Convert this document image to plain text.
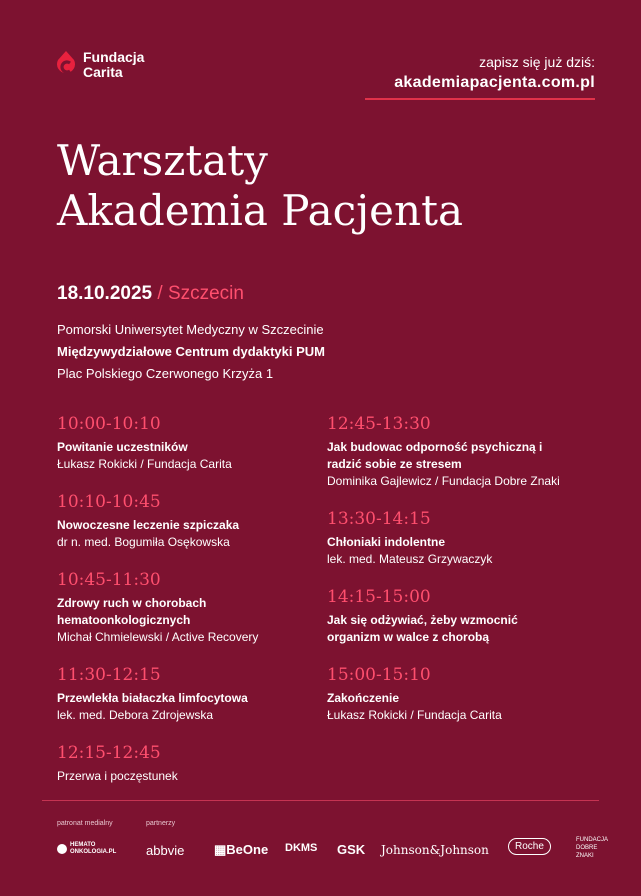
Fundacja
Carita
zapisz się już dziś:
akademiapacjenta.com.pl
Warsztaty
Akademia Pacjenta
18.10.2025 / Szczecin
Pomorski Uniwersytet Medyczny w Szczecinie
Międzywydziałowe Centrum dydaktyki PUM
Plac Polskiego Czerwonego Krzyża 1
10:00-10:10
Powitanie uczestników
Łukasz Rokicki / Fundacja Carita
10:10-10:45
Nowoczesne leczenie szpiczaka
dr n. med. Bogumiła Osękowska
10:45-11:30
Zdrowy ruch w chorobach hematoonkologicznych
Michał Chmielewski / Active Recovery
11:30-12:15
Przewlekła białaczka limfocytowa
lek. med. Debora Zdrojewska
12:15-12:45
Przerwa i poczęstunek
12:45-13:30
Jak budowac odporność psychiczną i radzić sobie ze stresem
Dominika Gajlewicz / Fundacja Dobre Znaki
13:30-14:15
Chłoniaki indolentne
lek. med. Mateusz Grzywaczyk
14:15-15:00
Jak się odżywiać, żeby wzmocnić organizm w walce z chorobą
15:00-15:10
Zakończenie
Łukasz Rokicki / Fundacja Carita
patronat medialny	partnerzy
HEMATO ONKOLOGIA.PL	abbvie ▦BeOne DKMS GSK Johnson&Johnson	Roche
FUNDACJA DOBRE ZNAKI
